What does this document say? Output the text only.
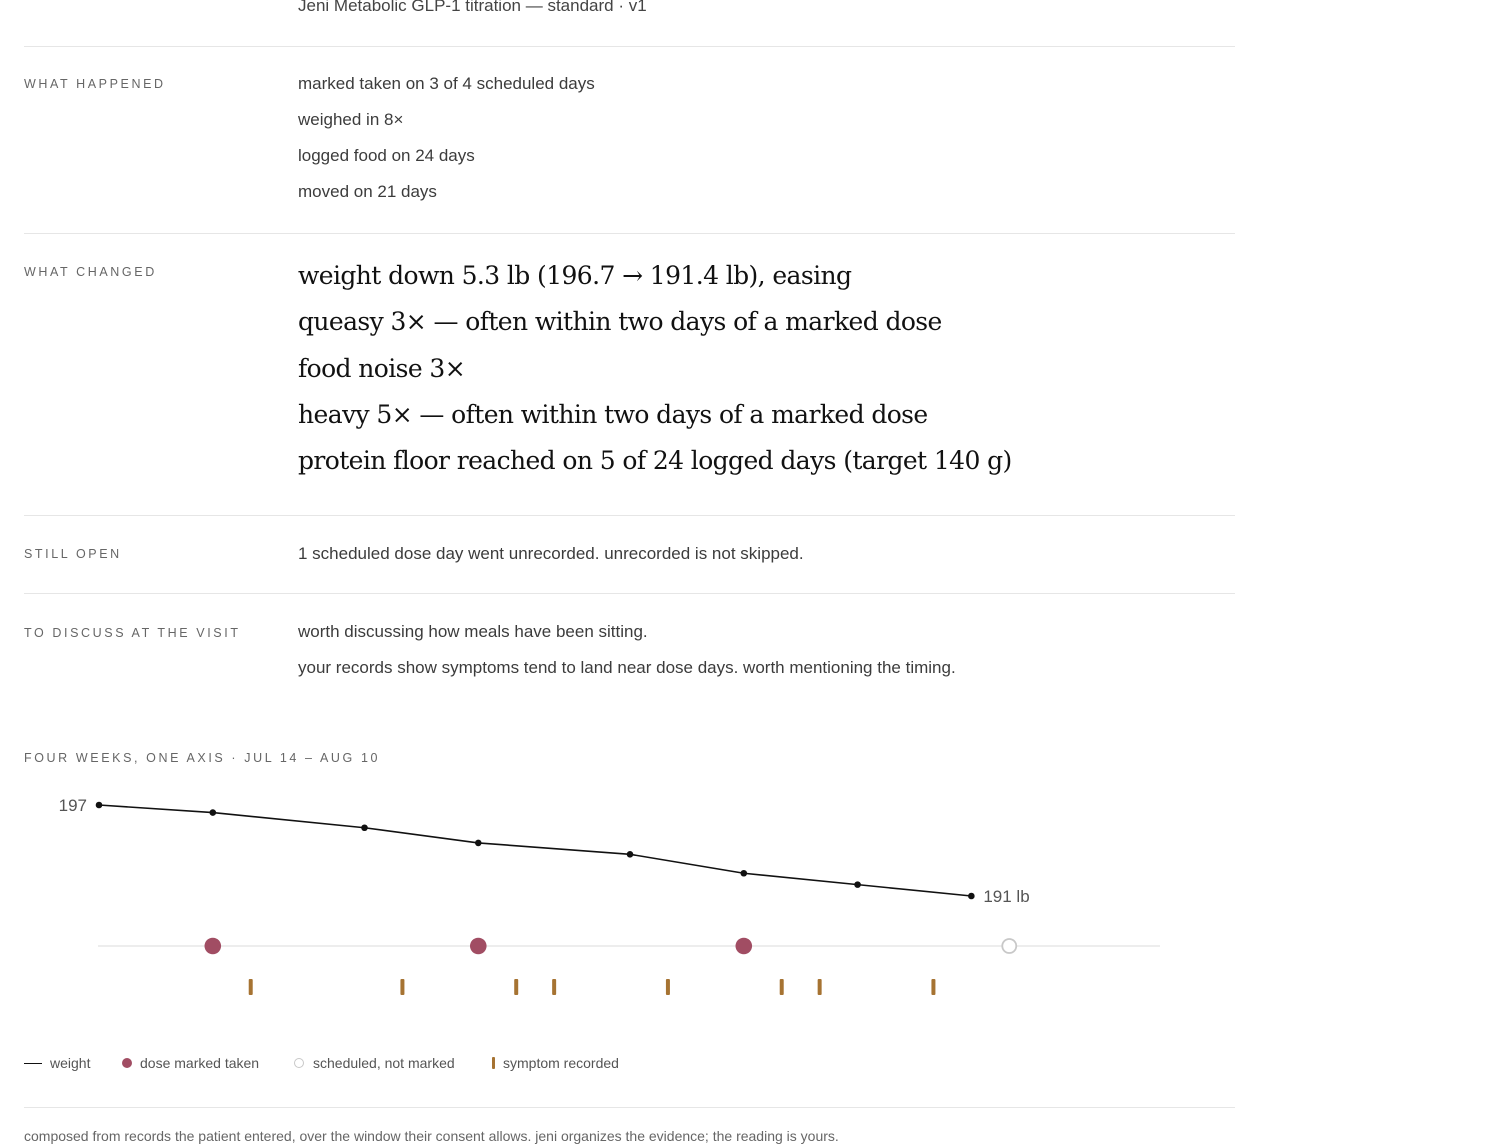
Jeni Metabolic GLP-1 titration — standard · v1
WHAT HAPPENED	marked taken on 3 of 4 scheduled days
weighed in 8×
logged food on 24 days
moved on 21 days
WHAT CHANGED	weight down 5.3 lb (196.7 → 191.4 lb), easing
queasy 3× — often within two days of a marked dose
food noise 3×
heavy 5× — often within two days of a marked dose
protein floor reached on 5 of 24 logged days (target 140 g)
STILL OPEN	1 scheduled dose day went unrecorded. unrecorded is not skipped.
TO DISCUSS AT THE VISIT	worth discussing how meals have been sitting.
your records show symptoms tend to land near dose days. worth mentioning the timing.
FOUR WEEKS, ONE AXIS · JUL 14 – AUG 10
197
191 lb
weight	dose marked taken	scheduled, not marked	symptom recorded
composed from records the patient entered, over the window their consent allows. jeni organizes the evidence; the reading is yours.
